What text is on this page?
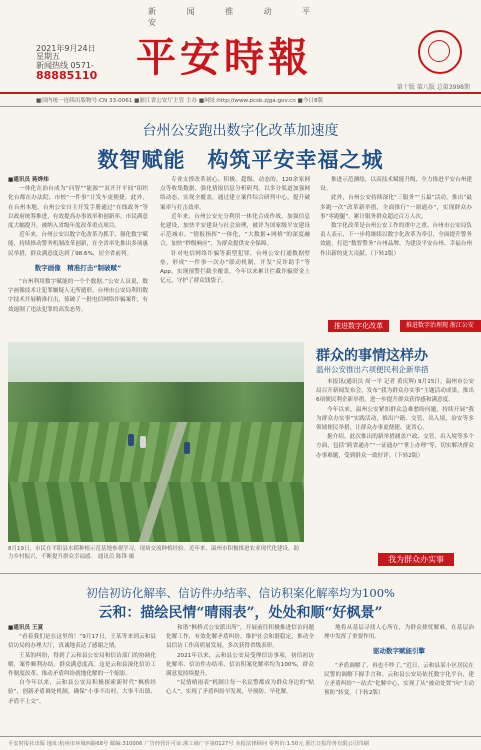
新 闻 推 动 平 安
平安時報
2021年9月24日
星期五
新闻热线 0571-
88885110
第十版 第八版 总第3998期
■国内统一连续出版物号:CN 33-0061 ■浙江省公安厅主管 主办 ■网址:http://www.pcsb.zjga.gov.cn ■今日8版
台州公安跑出数字化改革加速度
数智赋能　构筑平安幸福之城

■通讯员 蒋烨炜

一体化在治台成为“问智”“能源”“双开开平间”组织化台都在办法院、市校“一件事”让发车更便捷。此外，在台州本地，台州公安自主开发手册通过“在线政务”等以政府统筹推进，有效提高办事效率和创新率，市民满意度大幅提升，被纳入省级年度改革重点项目。

近年来，台州公安以数字化改革为抓手，强化数字赋能，持续推动警务机制改革创新，在全省率先推出多项惠民举措，群众满意度达到了98.6%，居全省前列。

数字画像　精准打击“制破赋”

“台州利用数字赋能的一个个数据。”公安人员说，数字画像技术让犯罪嫌疑人无所遁形，台州市公安局利用数字技术开展精准打击，侦破了一批电信网络诈骗案件，有效遏制了违法犯罪的高发态势。

专业支撑改革初心、积极、超级、动态的，120余家网点等收集数据，强化情报信息分析研判，以多分渠道加强网络动态，实现全覆盖，通过建立案件综合研判中心，提升破案率与打击效率。

近年来，台州公安充分利用一体化合成作战，加强信息化建设，加快平安建设与社会治理，被评为国家级平安建设示范城市。“情报指挥”一体化，“大数据+网格”的深度融合，加快“秒级响应”，为群众提供安全保障。

针对电信网络诈骗等新型犯罪，台州公安打通数据壁垒，形成“一件事一次办”联动机制，开发“反诈助手”等App，实现预警拦截全覆盖，今年以来累计拦截诈骗资金上亿元，守护了群众钱袋子。

推进示范测绘，以高技术赋能升级，全力推进平安台州建设。

此外，台州公安持续深化“三服务”“五最”活动，推出“最多跑一次”改革新举措，全面推行“一窗通办”，实现群众办事“零跑腿”，累计服务群众超过百万人次。

数字化改革是台州公安工作的重中之重。台州市公安局负责人表示，下一步将继续以数字化改革为牵引，全面提升警务效能，打造“数智警务”台州品牌，为建设平安台州、幸福台州作出新的更大贡献。（下转2版）

推进数字化改革	推进数字治理现 浙江公安在行动
8月19日，市民在平阳县水稻种植示范基地参观学习，现场交流种植经验。近年来，温州市积极推进农业现代化建设，助力乡村振兴，不断提升群众幸福感。 通讯员 陈锋 摄
群众的事情这样办
温州公安推出六项便民利企新举措

本报讯(通讯员 周一平 记者 黄庆辉) 9月15日，温州市公安局召开新闻发布会，发布“我为群众办实事”主题活动成果，推出6项便民利企新举措，进一步提升群众获得感和满意度。

今年以来，温州公安紧扣群众急难愁盼问题，持续开展“我为群众办实事”实践活动，推出户籍、交管、出入境、治安等多领域便民举措，让群众办事更便捷、更省心。

据介绍，此次推出的新举措涵盖户政、交管、出入境等多个方面，包括“跨省通办”“一证通办”“掌上办理”等，切实解决群众办事难题，受到群众一致好评。（下转2版）

我为群众办实事
初信初访化解率、信访件办结率、信访积案化解率均为100%
云和：描绘民情“晴雨表”，处处和顺“好枫景”

■通讯员 王夏

“看着我们是在这里的！”9月17日，王某等来到云和县信访局的办理大厅，真诚地表达了感谢之情。

王某的纠纷，得到了云和县公安局和信访部门的协调化解，案件顺利办结，群众满意度高。这是云和县深化信访工作制度改革、推动矛盾纠纷就地化解的一个缩影。

自今年以来，云和县公安局积极探索新时代“枫桥经验”，创新矛盾调处机制，确保“小事不出村、大事不出镇、矛盾不上交”。

和谐“枫桥式公安派出所”，开展前往积极推进信访问题化解工作，有效化解矛盾纠纷，维护社会和谐稳定，推动全县信访工作高质量发展，多次获得省级表彰。

2021年以来，云和县公安局受理信访事项，初信初访化解率、信访件办结率、信访积案化解率均为100%，群众满意度持续提升。

“民情晴雨表”机制让每一名民警都成为群众身边的“贴心人”，实现了矛盾纠纷早发现、早预防、早化解。

地将从基层寻找人心所在，为群众排忧解难，在基层治理中发挥了重要作用。

驱动数字赋能引擎

“矛盾调解了，再也不吵了。”近日，云和县某小区居民在民警的调解下握手言和。云和县公安局依托数字化平台，建立矛盾纠纷“一站式”化解中心，实现了从“被动处置”向“主动预防”转变。（下转2版）

平安时报社出版 地址:杭州市环城西路68号 邮编:310006 广告经营许可证:浙工商广字第0127号 本报法律顾问 零售价:1.50元 浙江日报印务有限公司印刷
